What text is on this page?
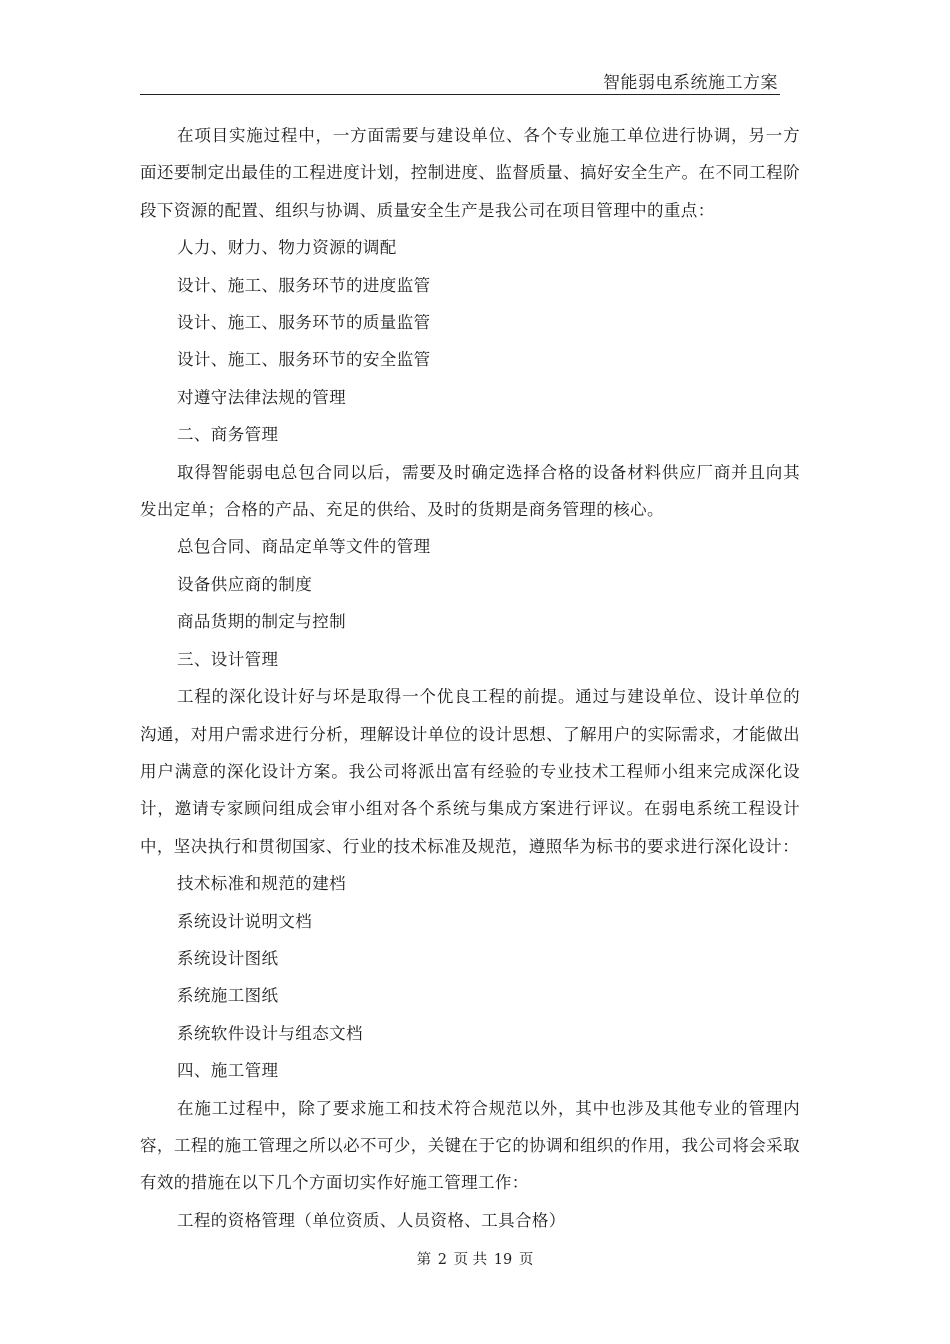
智能弱电系统施工方案

在项目实施过程中，一方面需要与建设单位、各个专业施工单位进行协调，另一方面还要制定出最佳的工程进度计划，控制进度、监督质量、搞好安全生产。在不同工程阶段下资源的配置、组织与协调、质量安全生产是我公司在项目管理中的重点：

人力、财力、物力资源的调配

设计、施工、服务环节的进度监管

设计、施工、服务环节的质量监管

设计、施工、服务环节的安全监管

对遵守法律法规的管理

二、商务管理

取得智能弱电总包合同以后，需要及时确定选择合格的设备材料供应厂商并且向其发出定单；合格的产品、充足的供给、及时的货期是商务管理的核心。

总包合同、商品定单等文件的管理

设备供应商的制度

商品货期的制定与控制

三、设计管理

工程的深化设计好与坏是取得一个优良工程的前提。通过与建设单位、设计单位的沟通，对用户需求进行分析，理解设计单位的设计思想、了解用户的实际需求，才能做出用户满意的深化设计方案。我公司将派出富有经验的专业技术工程师小组来完成深化设计，邀请专家顾问组成会审小组对各个系统与集成方案进行评议。在弱电系统工程设计中，坚决执行和贯彻国家、行业的技术标准及规范，遵照华为标书的要求进行深化设计：

技术标准和规范的建档

系统设计说明文档

系统设计图纸

系统施工图纸

系统软件设计与组态文档

四、施工管理

在施工过程中，除了要求施工和技术符合规范以外，其中也涉及其他专业的管理内容，工程的施工管理之所以必不可少，关键在于它的协调和组织的作用，我公司将会采取有效的措施在以下几个方面切实作好施工管理工作：

工程的资格管理（单位资质、人员资格、工具合格）

第 2 页 共 19 页
